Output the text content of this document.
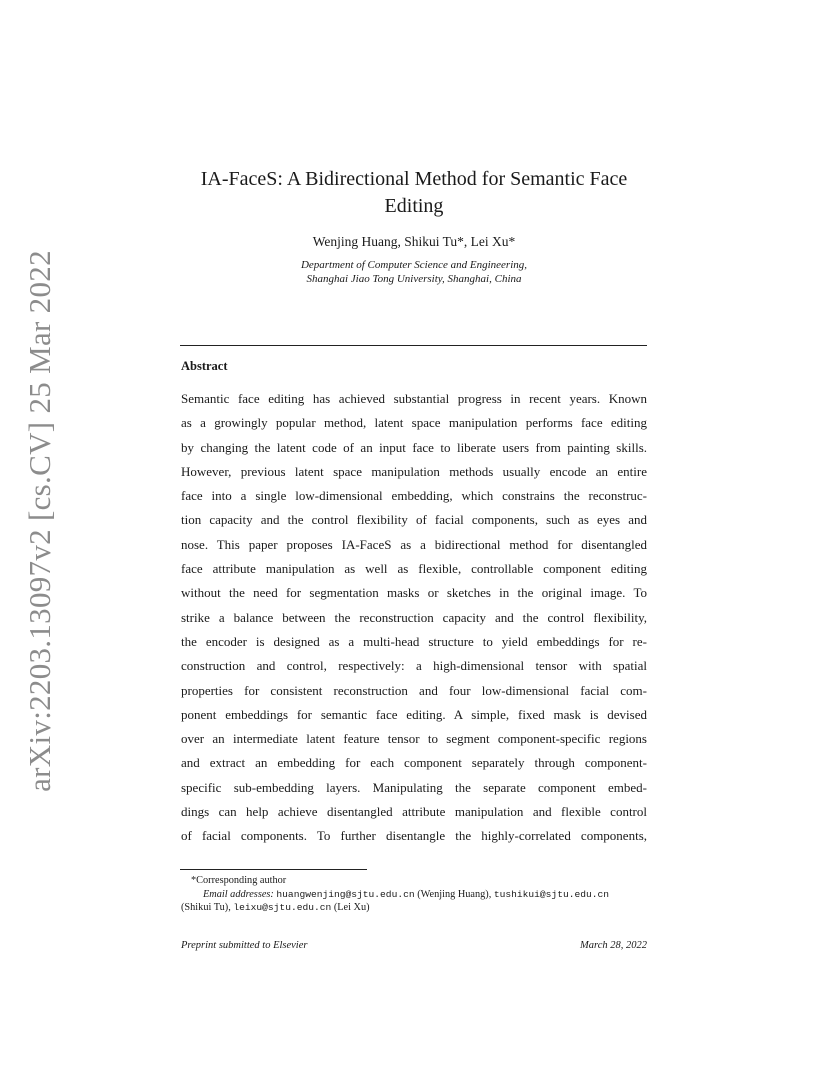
arXiv:2203.13097v2 [cs.CV] 25 Mar 2022
IA-FaceS: A Bidirectional Method for Semantic Face
Editing
Wenjing Huang, Shikui Tu*, Lei Xu*
Department of Computer Science and Engineering,
Shanghai Jiao Tong University, Shanghai, China
Abstract
Semantic face editing has achieved substantial progress in recent years. Known
as a growingly popular method, latent space manipulation performs face editing
by changing the latent code of an input face to liberate users from painting skills.
However, previous latent space manipulation methods usually encode an entire
face into a single low-dimensional embedding, which constrains the reconstruc-
tion capacity and the control flexibility of facial components, such as eyes and
nose. This paper proposes IA-FaceS as a bidirectional method for disentangled
face attribute manipulation as well as flexible, controllable component editing
without the need for segmentation masks or sketches in the original image. To
strike a balance between the reconstruction capacity and the control flexibility,
the encoder is designed as a multi-head structure to yield embeddings for re-
construction and control, respectively: a high-dimensional tensor with spatial
properties for consistent reconstruction and four low-dimensional facial com-
ponent embeddings for semantic face editing. A simple, fixed mask is devised
over an intermediate latent feature tensor to segment component-specific regions
and extract an embedding for each component separately through component-
specific sub-embedding layers. Manipulating the separate component embed-
dings can help achieve disentangled attribute manipulation and flexible control
of facial components. To further disentangle the highly-correlated components,
*Corresponding author
Email addresses: huangwenjing@sjtu.edu.cn (Wenjing Huang), tushikui@sjtu.edu.cn
(Shikui Tu), leixu@sjtu.edu.cn (Lei Xu)
Preprint submitted to Elsevier	March 28, 2022
